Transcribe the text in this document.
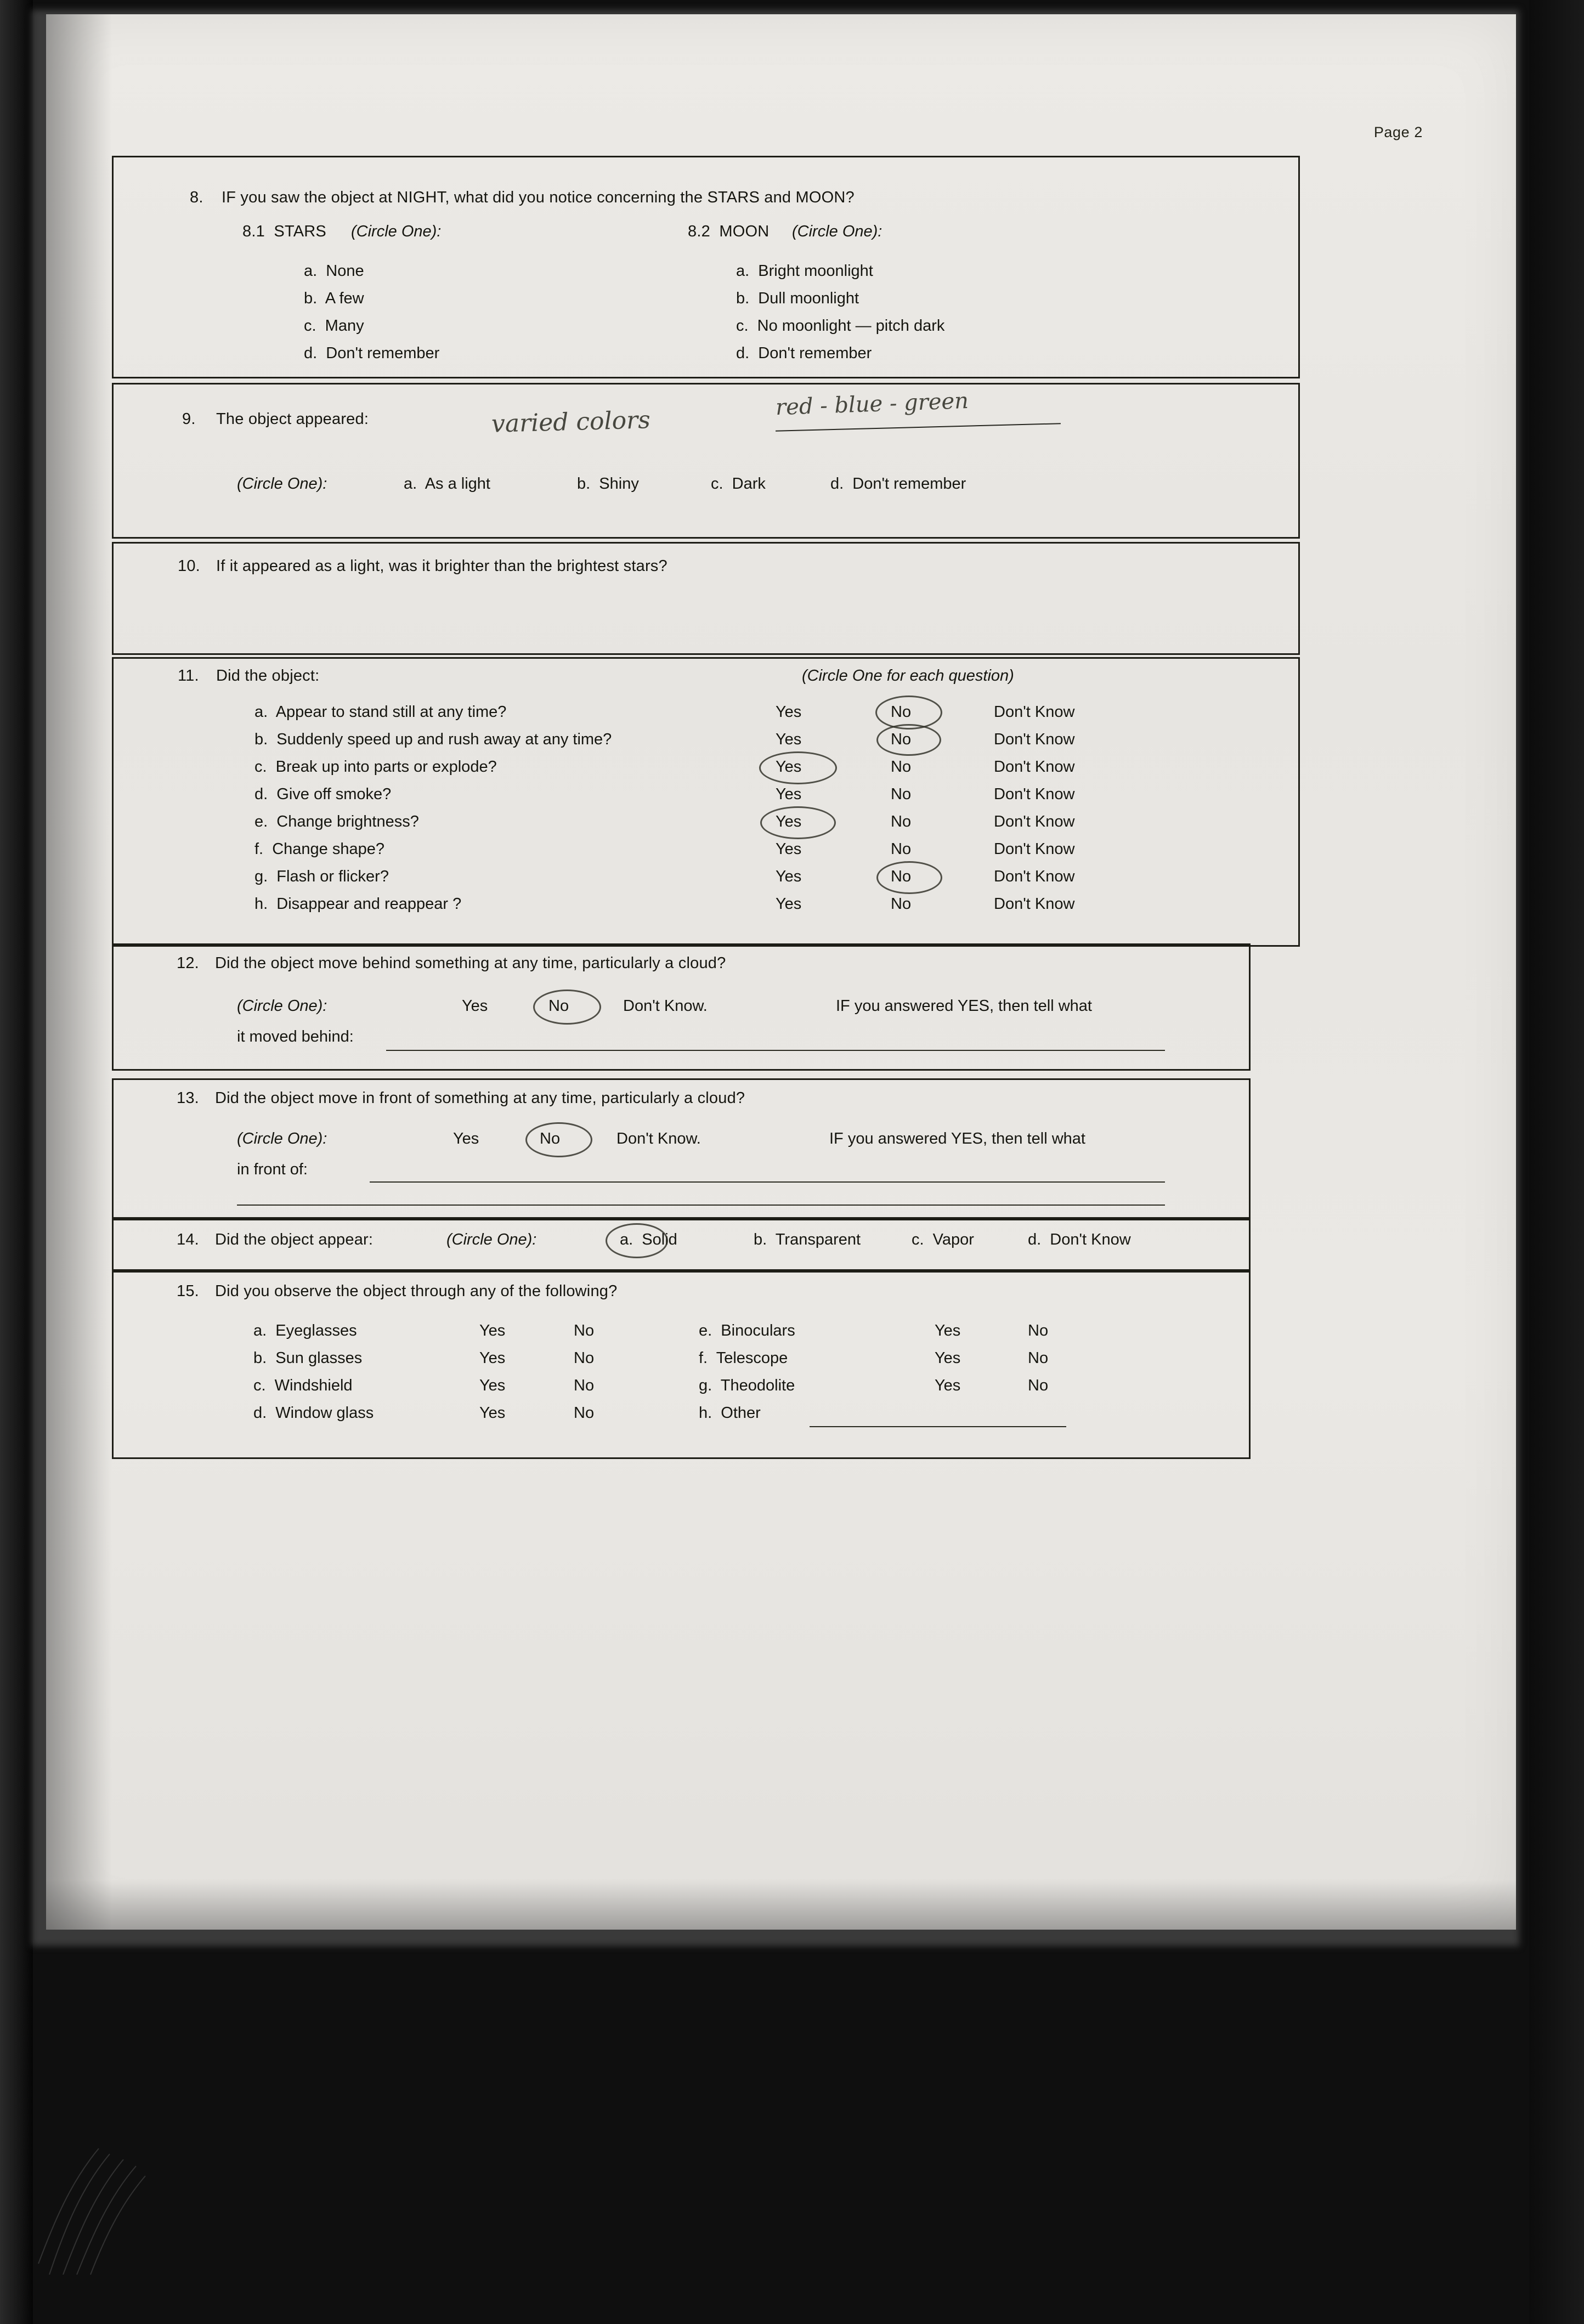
Page 2
8. IF you saw the object at NIGHT, what did you notice concerning the STARS and MOON?
8.1  STARS (Circle One):	8.2  MOON (Circle One):
a.  None
b.  A few
c.  Many
d.  Don't remember
a.  Bright moonlight
b.  Dull moonlight
c.  No moonlight — pitch dark
d.  Don't remember
9. The object appeared:	varied colors
red - blue - green
(Circle One):	a.  As a light	b.  Shiny	c.  Dark	d.  Don't remember
10. If it appeared as a light, was it brighter than the brightest stars?
11. Did the object:	(Circle One for each question)
a.  Appear to stand still at any time?	Yes	No	Don't Know
b.  Suddenly speed up and rush away at any time?	Yes	No	Don't Know
c.  Break up into parts or explode?	Yes	No	Don't Know
d.  Give off smoke?	Yes	No	Don't Know
e.  Change brightness?	Yes	No	Don't Know
f.  Change shape?	Yes	No	Don't Know
g.  Flash or flicker?	Yes	No	Don't Know
h.  Disappear and reappear ?	Yes	No	Don't Know
12. Did the object move behind something at any time, particularly a cloud?
(Circle One):	Yes	No	Don't Know.	IF you answered YES, then tell what
it moved behind:
13. Did the object move in front of something at any time, particularly a cloud?
(Circle One):	Yes	No	Don't Know.	IF you answered YES, then tell what
in front of:
14. Did the object appear:	(Circle One):	a.  Solid	b.  Transparent	c.  Vapor	d.  Don't Know
15. Did you observe the object through any of the following?
a.  Eyeglasses	Yes	No
b.  Sun glasses	Yes	No
c.  Windshield	Yes	No
d.  Window glass	Yes	No
e.  Binoculars	Yes	No
f.  Telescope	Yes	No
g.  Theodolite	Yes	No
h.  Other
